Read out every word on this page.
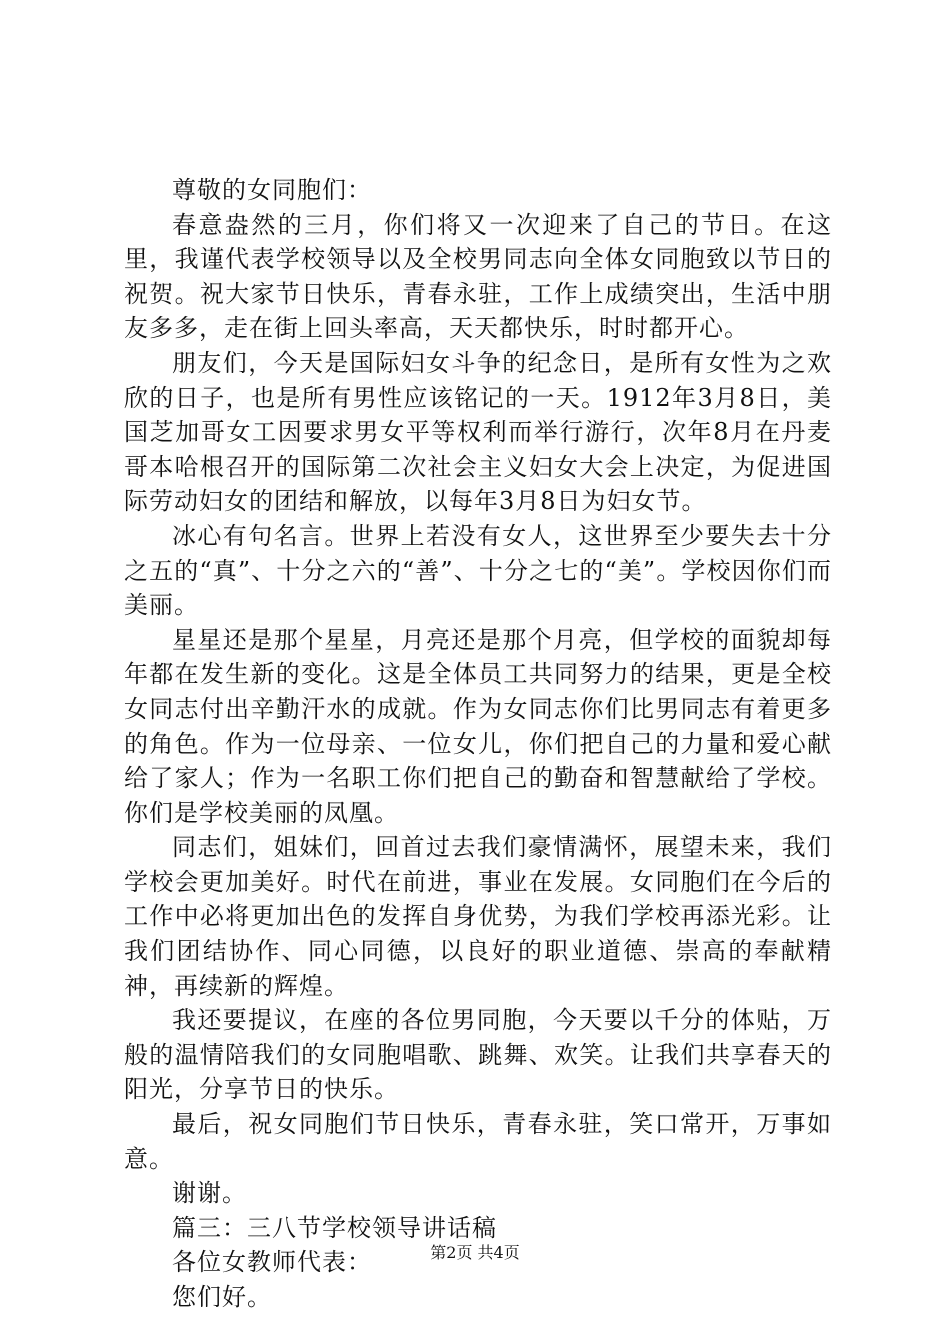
尊敬的女同胞们：

春意盎然的三月，你们将又一次迎来了自己的节日。在这里，我谨代表学校领导以及全校男同志向全体女同胞致以节日的祝贺。祝大家节日快乐，青春永驻，工作上成绩突出，生活中朋友多多，走在街上回头率高，天天都快乐，时时都开心。

朋友们，今天是国际妇女斗争的纪念日，是所有女性为之欢欣的日子，也是所有男性应该铭记的一天。1912年3月8日，美国芝加哥女工因要求男女平等权利而举行游行，次年8月在丹麦哥本哈根召开的国际第二次社会主义妇女大会上决定，为促进国际劳动妇女的团结和解放，以每年3月8日为妇女节。

冰心有句名言。世界上若没有女人，这世界至少要失去十分之五的“真”、十分之六的“善”、十分之七的“美”。学校因你们而美丽。

星星还是那个星星，月亮还是那个月亮，但学校的面貌却每年都在发生新的变化。这是全体员工共同努力的结果，更是全校女同志付出辛勤汗水的成就。作为女同志你们比男同志有着更多的角色。作为一位母亲、一位女儿，你们把自己的力量和爱心献给了家人；作为一名职工你们把自己的勤奋和智慧献给了学校。你们是学校美丽的凤凰。

同志们，姐妹们，回首过去我们豪情满怀，展望未来，我们学校会更加美好。时代在前进，事业在发展。女同胞们在今后的工作中必将更加出色的发挥自身优势，为我们学校再添光彩。让我们团结协作、同心同德，以良好的职业道德、崇高的奉献精神，再续新的辉煌。

我还要提议，在座的各位男同胞，今天要以千分的体贴，万般的温情陪我们的女同胞唱歌、跳舞、欢笑。让我们共享春天的阳光，分享节日的快乐。

最后，祝女同胞们节日快乐，青春永驻，笑口常开，万事如意。

谢谢。

篇三：三八节学校领导讲话稿

各位女教师代表：

您们好。

第2页 共4页
